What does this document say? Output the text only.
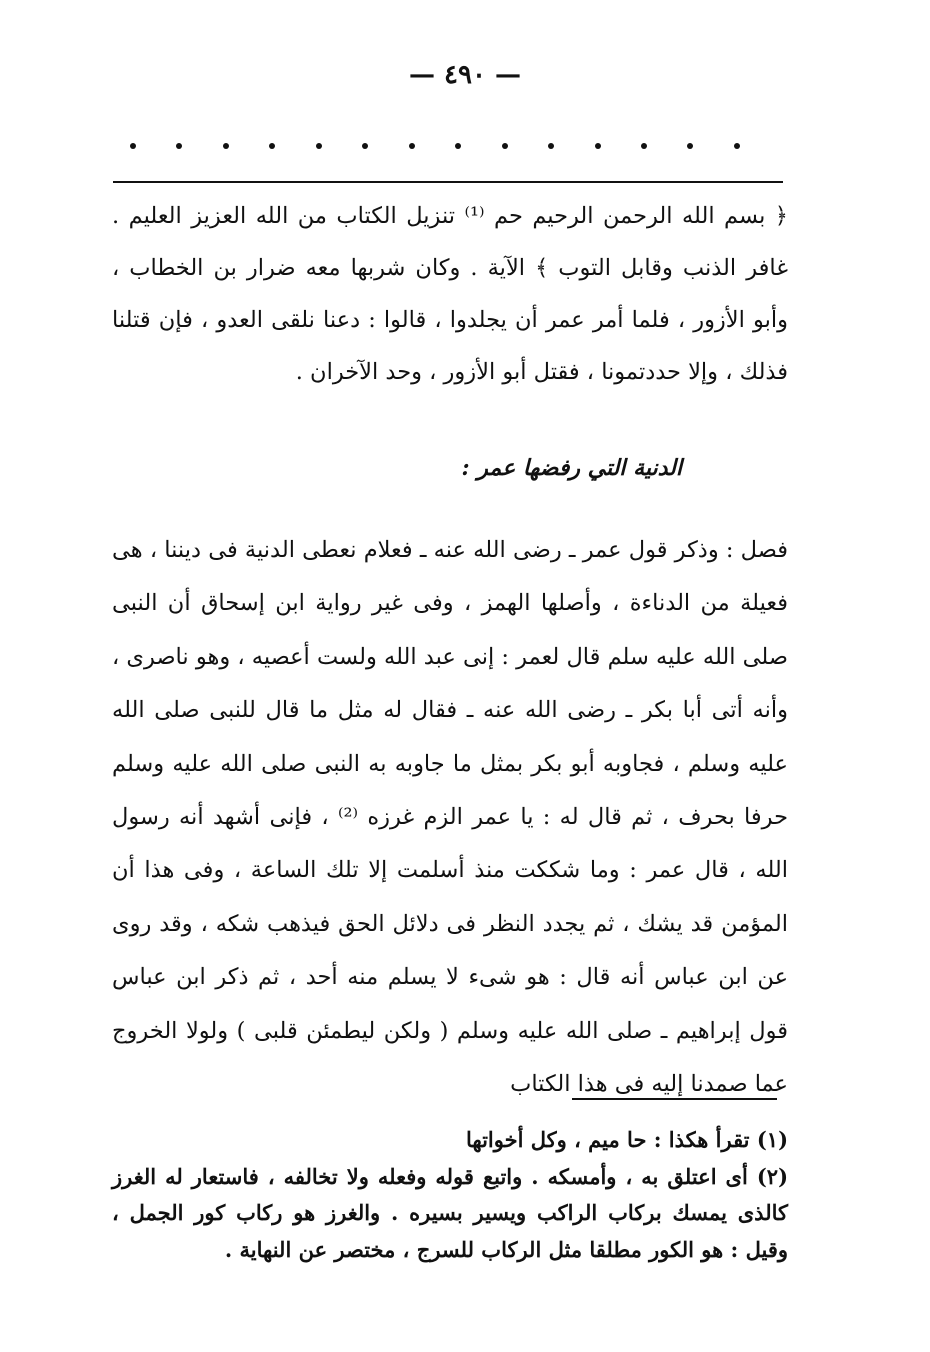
— ٤٩٠ —

﴿ بسم الله الرحمن الرحيم حم ⁽¹⁾ تنزيل الكتاب من الله العزيز العليم . غافر الذنب وقابل التوب ﴾ الآية . وكان شربها معه ضرار بن الخطاب ، وأبو الأزور ، فلما أمر عمر أن يجلدوا ، قالوا : دعنا نلقى العدو ، فإن قتلنا فذلك ، وإلا حددتمونا ، فقتل أبو الأزور ، وحد الآخران .

الدنية التي رفضها عمر :

فصل : وذكر قول عمر ـ رضى الله عنه ـ فعلام نعطى الدنية فى ديننا ، هى فعيلة من الدناءة ، وأصلها الهمز ، وفى غير رواية ابن إسحاق أن النبى صلى الله عليه سلم قال لعمر : إنى عبد الله ولست أعصيه ، وهو ناصرى ، وأنه أتى أبا بكر ـ رضى الله عنه ـ فقال له مثل ما قال للنبى صلى الله عليه وسلم ، فجاوبه أبو بكر بمثل ما جاوبه به النبى صلى الله عليه وسلم حرفا بحرف ، ثم قال له : يا عمر الزم غرزه ⁽²⁾ ، فإنى أشهد أنه رسول الله ، قال عمر : وما شككت منذ أسلمت إلا تلك الساعة ، وفى هذا أن المؤمن قد يشك ، ثم يجدد النظر فى دلائل الحق فيذهب شكه ، وقد روى عن ابن عباس أنه قال : هو شىء لا يسلم منه أحد ، ثم ذكر ابن عباس قول إبراهيم ـ صلى الله عليه وسلم ( ولكن ليطمئن قلبى ) ولولا الخروج عما صمدنا إليه فى هذا الكتاب

(١) تقرأ هكذا : حا ميم ، وكل أخواتها

(٢) أى اعتلق به ، وأمسكه . واتبع قوله وفعله ولا تخالفه ، فاستعار له الغرز كالذى يمسك بركاب الراكب ويسير بسيره . والغرز هو ركاب كور الجمل ، وقيل : هو الكور مطلقا مثل الركاب للسرج ، مختصر عن النهاية .
